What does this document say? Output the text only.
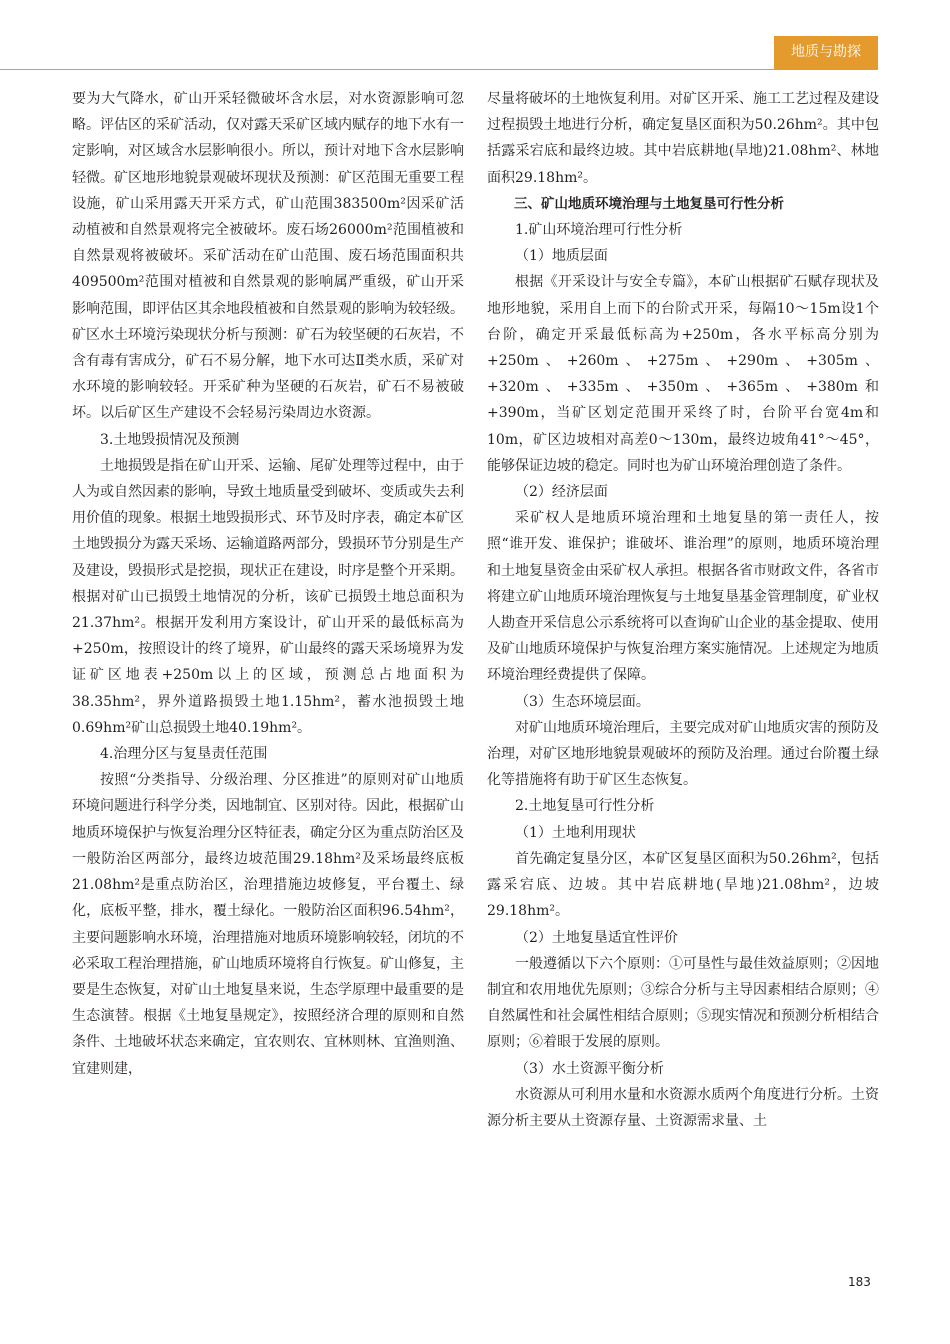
地质与勘探

要为大气降水，矿山开采轻微破坏含水层，对水资源影响可忽略。评估区的采矿活动，仅对露天采矿区域内赋存的地下水有一定影响，对区域含水层影响很小。所以，预计对地下含水层影响轻微。矿区地形地貌景观破坏现状及预测：矿区范围无重要工程设施，矿山采用露天开采方式，矿山范围383500m²因采矿活动植被和自然景观将完全被破坏。废石场26000m²范围植被和自然景观将被破坏。采矿活动在矿山范围、废石场范围面积共409500m²范围对植被和自然景观的影响属严重级，矿山开采影响范围，即评估区其余地段植被和自然景观的影响为较轻级。矿区水土环境污染现状分析与预测：矿石为较坚硬的石灰岩，不含有毒有害成分，矿石不易分解，地下水可达Ⅱ类水质，采矿对水环境的影响较轻。开采矿种为坚硬的石灰岩，矿石不易被破坏。以后矿区生产建设不会轻易污染周边水资源。

3.土地毁损情况及预测

土地损毁是指在矿山开采、运输、尾矿处理等过程中，由于人为或自然因素的影响，导致土地质量受到破坏、变质或失去利用价值的现象。根据土地毁损形式、环节及时序表，确定本矿区土地毁损分为露天采场、运输道路两部分，毁损环节分别是生产及建设，毁损形式是挖损，现状正在建设，时序是整个开采期。根据对矿山已损毁土地情况的分析，该矿已损毁土地总面积为21.37hm²。根据开发利用方案设计，矿山开采的最低标高为+250m，按照设计的终了境界，矿山最终的露天采场境界为发证矿区地表+250m以上的区域，预测总占地面积为38.35hm²，界外道路损毁土地1.15hm²，蓄水池损毁土地0.69hm²矿山总损毁土地40.19hm²。

4.治理分区与复垦责任范围

按照“分类指导、分级治理、分区推进”的原则对矿山地质环境问题进行科学分类，因地制宜、区别对待。因此，根据矿山地质环境保护与恢复治理分区特征表，确定分区为重点防治区及一般防治区两部分，最终边坡范围29.18hm²及采场最终底板21.08hm²是重点防治区，治理措施边坡修复，平台覆土、绿化，底板平整，排水，覆土绿化。一般防治区面积96.54hm²，主要问题影响水环境，治理措施对地质环境影响较轻，闭坑的不必采取工程治理措施，矿山地质环境将自行恢复。矿山修复，主要是生态恢复，对矿山土地复垦来说，生态学原理中最重要的是生态演替。根据《土地复垦规定》，按照经济合理的原则和自然条件、土地破坏状态来确定，宜农则农、宜林则林、宜渔则渔、宜建则建，

尽量将破坏的土地恢复利用。对矿区开采、施工工艺过程及建设过程损毁土地进行分析，确定复垦区面积为50.26hm²。其中包括露采宕底和最终边坡。其中岩底耕地(旱地)21.08hm²、林地面积29.18hm²。

三、矿山地质环境治理与土地复垦可行性分析

1.矿山环境治理可行性分析

（1）地质层面

根据《开采设计与安全专篇》，本矿山根据矿石赋存现状及地形地貌，采用自上而下的台阶式开采，每隔10～15m设1个台阶，确定开采最低标高为+250m，各水平标高分别为+250m、+260m、+275m、+290m、+305m、+320m、+335m、+350m、+365m、+380m和+390m，当矿区划定范围开采终了时，台阶平台宽4m和10m，矿区边坡相对高差0～130m，最终边坡角41°～45°，能够保证边坡的稳定。同时也为矿山环境治理创造了条件。

（2）经济层面

采矿权人是地质环境治理和土地复垦的第一责任人，按照“谁开发、谁保护；谁破坏、谁治理”的原则，地质环境治理和土地复垦资金由采矿权人承担。根据各省市财政文件，各省市将建立矿山地质环境治理恢复与土地复垦基金管理制度，矿业权人勘查开采信息公示系统将可以查询矿山企业的基金提取、使用及矿山地质环境保护与恢复治理方案实施情况。上述规定为地质环境治理经费提供了保障。

（3）生态环境层面。

对矿山地质环境治理后，主要完成对矿山地质灾害的预防及治理，对矿区地形地貌景观破坏的预防及治理。通过台阶覆土绿化等措施将有助于矿区生态恢复。

2.土地复垦可行性分析

（1）土地利用现状

首先确定复垦分区，本矿区复垦区面积为50.26hm²，包括露采宕底、边坡。其中岩底耕地(旱地)21.08hm²，边坡29.18hm²。

（2）土地复垦适宜性评价

一般遵循以下六个原则：①可垦性与最佳效益原则；②因地制宜和农用地优先原则；③综合分析与主导因素相结合原则；④自然属性和社会属性相结合原则；⑤现实情况和预测分析相结合原则；⑥着眼于发展的原则。

（3）水土资源平衡分析

水资源从可利用水量和水资源水质两个角度进行分析。土资源分析主要从土资源存量、土资源需求量、土

183
